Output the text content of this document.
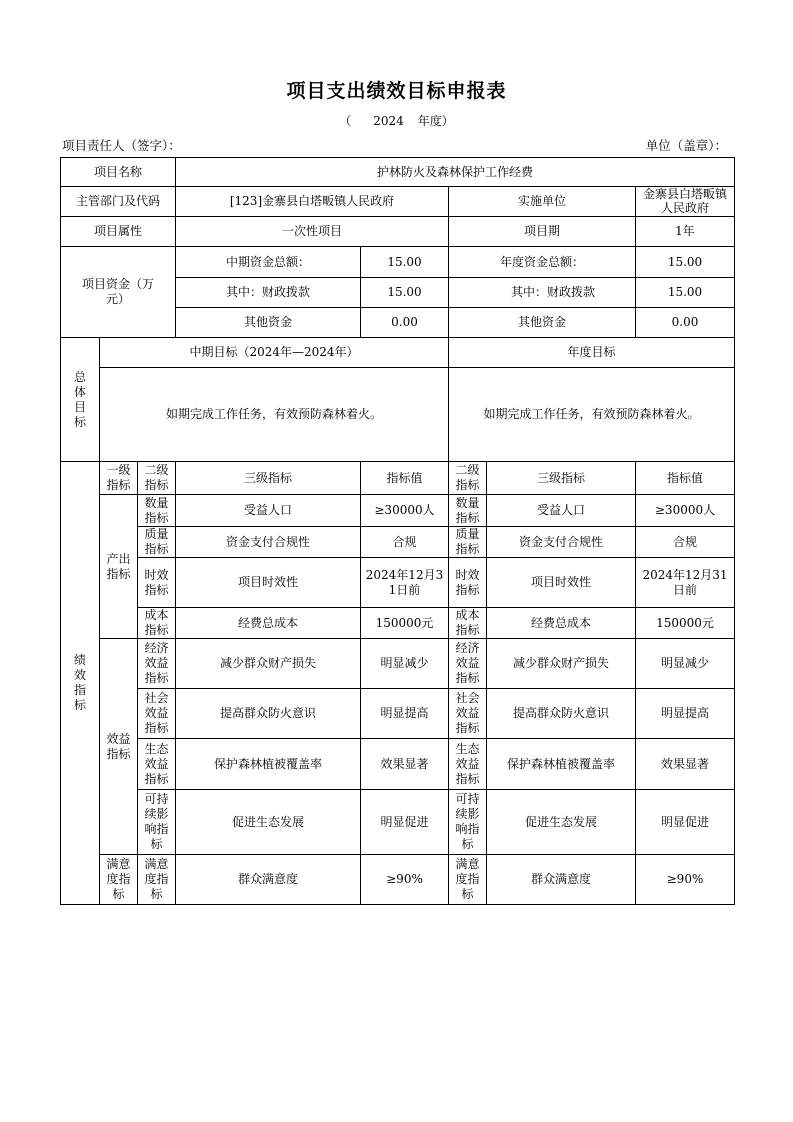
项目支出绩效目标申报表
（ 2024 年度）
项目责任人（签字）：	单位（盖章）：
项目名称			护林防火及森林保护工作经费				
主管部门及代码			[123]金寨县白塔畈镇人民政府		实施单位		金寨县白塔畈镇人民政府
项目属性			一次性项目		项目期		1年
项目资金（万元）			中期资金总额：	15.00	年度资金总额：		15.00
			其中：财政拨款	15.00	其中：财政拨款		15.00
			其他资金	0.00	其他资金		0.00
总体目标	中期目标（2024年—2024年）				年度目标		
	如期完成工作任务，有效预防森林着火。				如期完成工作任务，有效预防森林着火。		
绩效指标	一级指标	二级指标	三级指标	指标值	二级指标	三级指标	指标值
	产出指标	数量指标	受益人口	≥30000人	数量指标	受益人口	≥30000人
		质量指标	资金支付合规性	合规	质量指标	资金支付合规性	合规
		时效指标	项目时效性	2024年12月31日前	时效指标	项目时效性	2024年12月31日前
		成本指标	经费总成本	150000元	成本指标	经费总成本	150000元
	效益指标	经济效益指标	减少群众财产损失	明显减少	经济效益指标	减少群众财产损失	明显减少
		社会效益指标	提高群众防火意识	明显提高	社会效益指标	提高群众防火意识	明显提高
		生态效益指标	保护森林植被覆盖率	效果显著	生态效益指标	保护森林植被覆盖率	效果显著
		可持续影响指标	促进生态发展	明显促进	可持续影响指标	促进生态发展	明显促进
	满意度指标	满意度指标	群众满意度	≥90%	满意度指标	群众满意度	≥90%
